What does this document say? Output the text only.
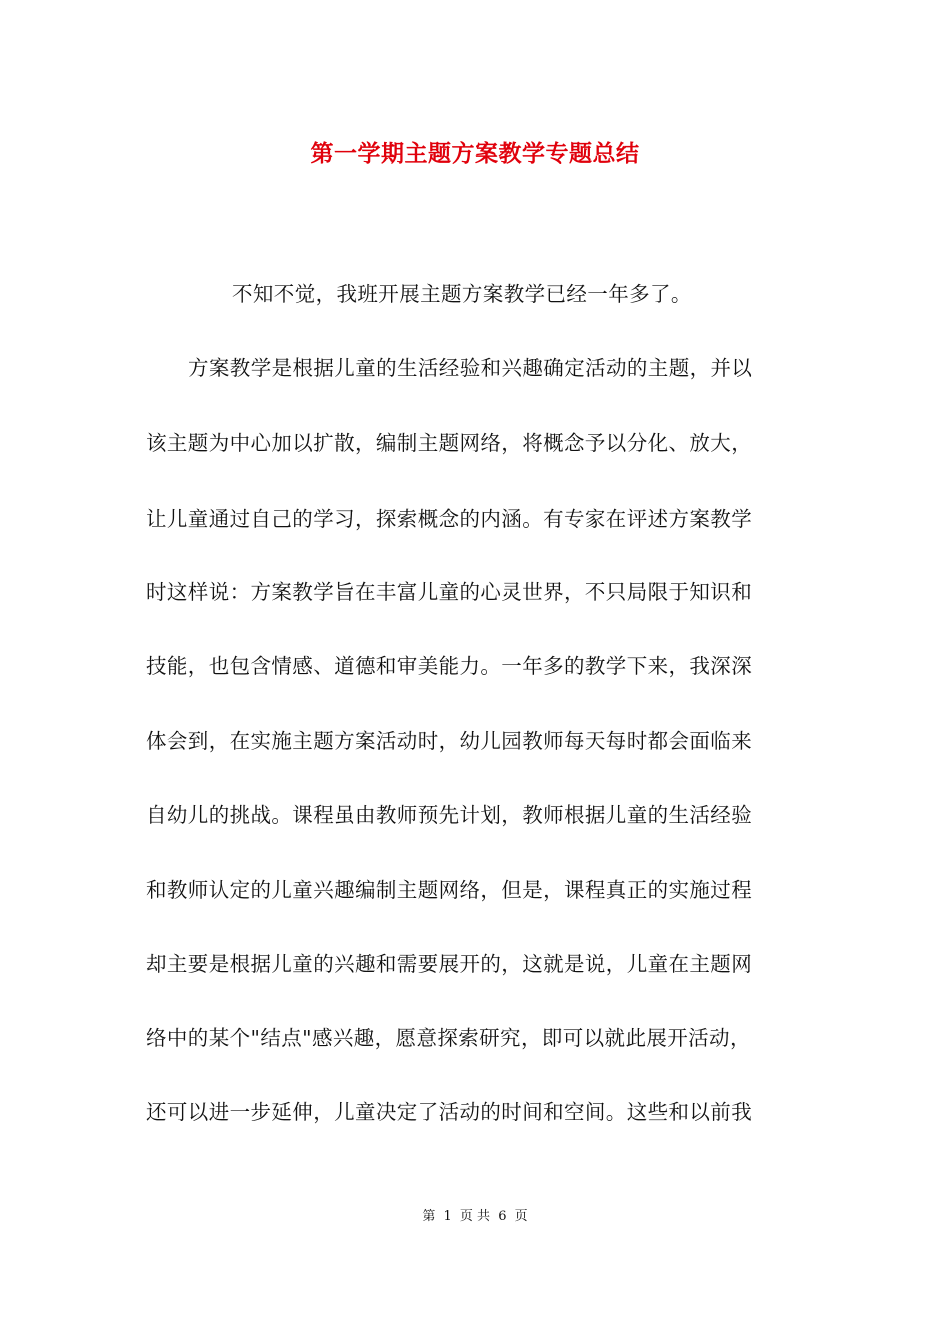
第一学期主题方案教学专题总结
不知不觉，我班开展主题方案教学已经一年多了。
方案教学是根据儿童的生活经验和兴趣确定活动的主题，并以
该主题为中心加以扩散，编制主题网络，将概念予以分化、放大，
让儿童通过自己的学习，探索概念的内涵。有专家在评述方案教学
时这样说：方案教学旨在丰富儿童的心灵世界，不只局限于知识和
技能，也包含情感、道德和审美能力。一年多的教学下来，我深深
体会到，在实施主题方案活动时，幼儿园教师每天每时都会面临来
自幼儿的挑战。课程虽由教师预先计划，教师根据儿童的生活经验
和教师认定的儿童兴趣编制主题网络，但是，课程真正的实施过程
却主要是根据儿童的兴趣和需要展开的，这就是说，儿童在主题网
络中的某个"结点"感兴趣，愿意探索研究，即可以就此展开活动，
还可以进一步延伸，儿童决定了活动的时间和空间。这些和以前我
第 1 页 共 6 页
